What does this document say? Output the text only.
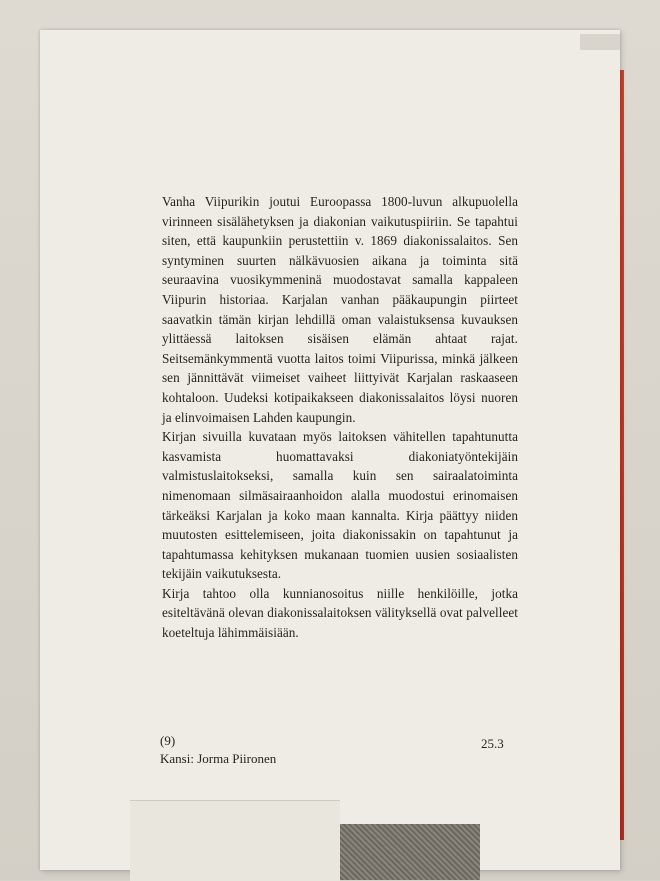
Vanha Viipurikin joutui Euroopassa 1800-luvun alkupuolella virinneen sisälähetyksen ja diakonian vaikutuspiiriin. Se tapahtui siten, että kaupunkiin perustettiin v. 1869 diakonissalaitos. Sen syntyminen suurten nälkävuosien aikana ja toiminta sitä seuraavina vuosikymmeninä muodostavat samalla kappaleen Viipurin historiaa. Karjalan vanhan pääkaupungin piirteet saavatkin tämän kirjan lehdillä oman valaistuksensa kuvauksen ylittäessä laitoksen sisäisen elämän ahtaat rajat. Seitsemänkymmentä vuotta laitos toimi Viipurissa, minkä jälkeen sen jännittävät viimeiset vaiheet liittyivät Karjalan raskaaseen kohtaloon. Uudeksi kotipaikakseen diakonissalaitos löysi nuoren ja elinvoimaisen Lahden kaupungin.

Kirjan sivuilla kuvataan myös laitoksen vähitellen tapahtunutta kasvamista huomattavaksi diakoniatyöntekijäin valmistuslaitokseksi, samalla kuin sen sairaalatoiminta nimenomaan silmäsairaanhoidon alalla muodostui erinomaisen tärkeäksi Karjalan ja koko maan kannalta. Kirja päättyy niiden muutosten esittelemiseen, joita diakonissakin on tapahtunut ja tapahtumassa kehityksen mukanaan tuomien uusien sosiaalisten tekijäin vaikutuksesta.

Kirja tahtoo olla kunnianosoitus niille henkilöille, jotka esiteltävänä olevan diakonissalaitoksen välityksellä ovat palvelleet koeteltuja lähimmäisiään.

(9)
Kansi: Jorma Piironen
25.3
